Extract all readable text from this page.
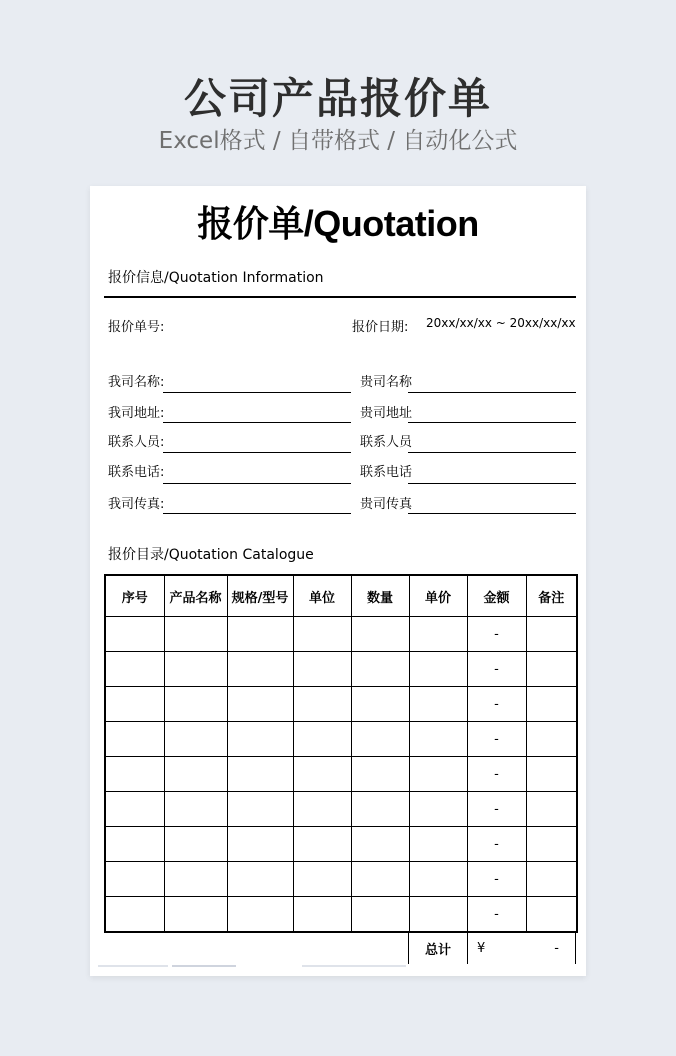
公司产品报价单
Excel格式 / 自带格式 / 自动化公式
报价单/Quotation
报价信息/Quotation Information
报价单号:	报价日期: 20xx/xx/xx ~ 20xx/xx/xx
我司名称:
我司地址:
联系人员:
联系电话:
我司传真:
贵司名称
贵司地址
联系人员
联系电话
贵司传真
报价目录/Quotation Catalogue
序号	产品名称	规格/型号	单位	数量	单价	金额	备注
						-	
						-	
						-	
						-	
						-	
						-	
						-	
						-	
						-	
总计	¥	-
